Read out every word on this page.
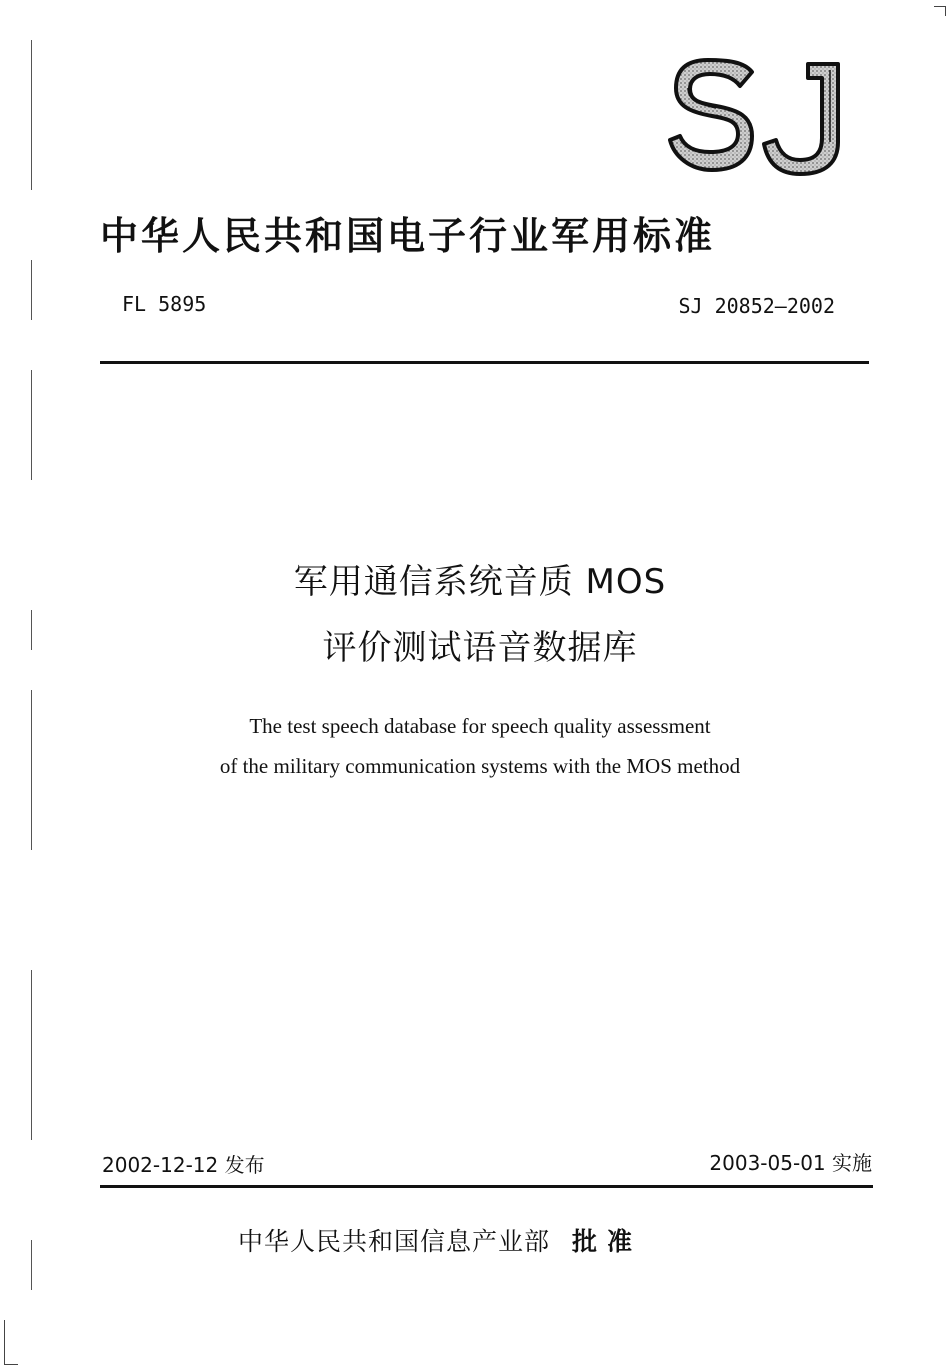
中华人民共和国电子行业军用标准
FL 5895	SJ 20852—2002
军用通信系统音质 MOS
评价测试语音数据库
The test speech database for speech quality assessment
of the military communication systems with the MOS method
2002-12-12 发布	2003-05-01 实施
中华人民共和国信息产业部 批准
